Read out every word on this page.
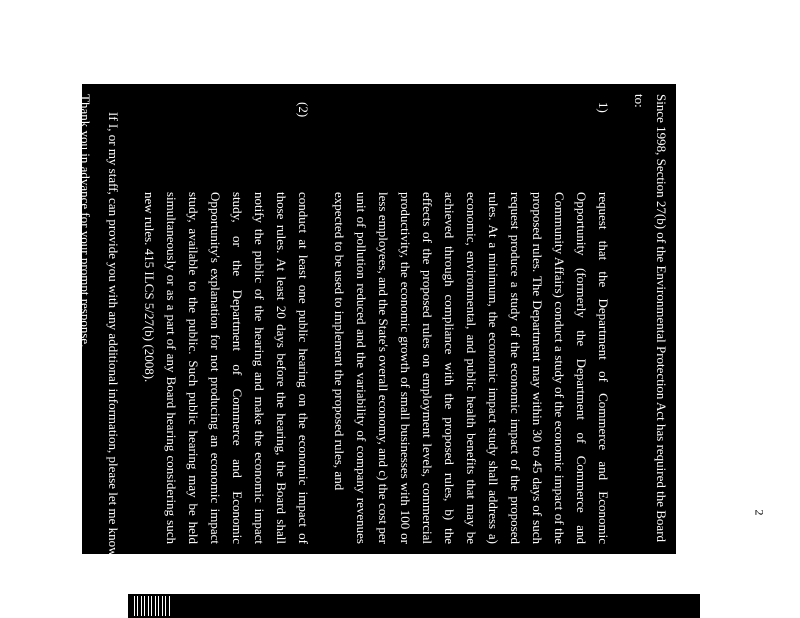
2

Since 1998, Section 27(b) of the Environmental Protection Act has required the Board

to:

1)
request that the Department of Commerce and Economic Opportunity (formerly the Department of Commerce and Community Affairs) conduct a study of the economic impact of the proposed rules. The Department may within 30 to 45 days of such request produce a study of the economic impact of the proposed rules. At a minimum, the economic impact study shall address a) economic, environmental, and public health benefits that may be achieved through compliance with the proposed rules, b) the effects of the proposed rules on employment levels, commercial productivity, the economic growth of small businesses with 100 or less employees, and the State's overall economy, and c) the cost per unit of pollution reduced and the variability of company revenues expected to be used to implement the proposed rules, and
(2)
conduct at least one public hearing on the economic impact of those rules. At least 20 days before the hearing, the Board shall notify the public of the hearing and make the economic impact study, or the Department of Commerce and Economic Opportunity's explanation for not producing an economic impact study, available to the public. Such public hearing may be held simultaneously or as a part of any Board hearing considering such new rules. 415 ILCS 5/27(b) (2008).

If I, or my staff, can provide you with any additional information, please let me know.

Thank you in advance for your prompt response.
